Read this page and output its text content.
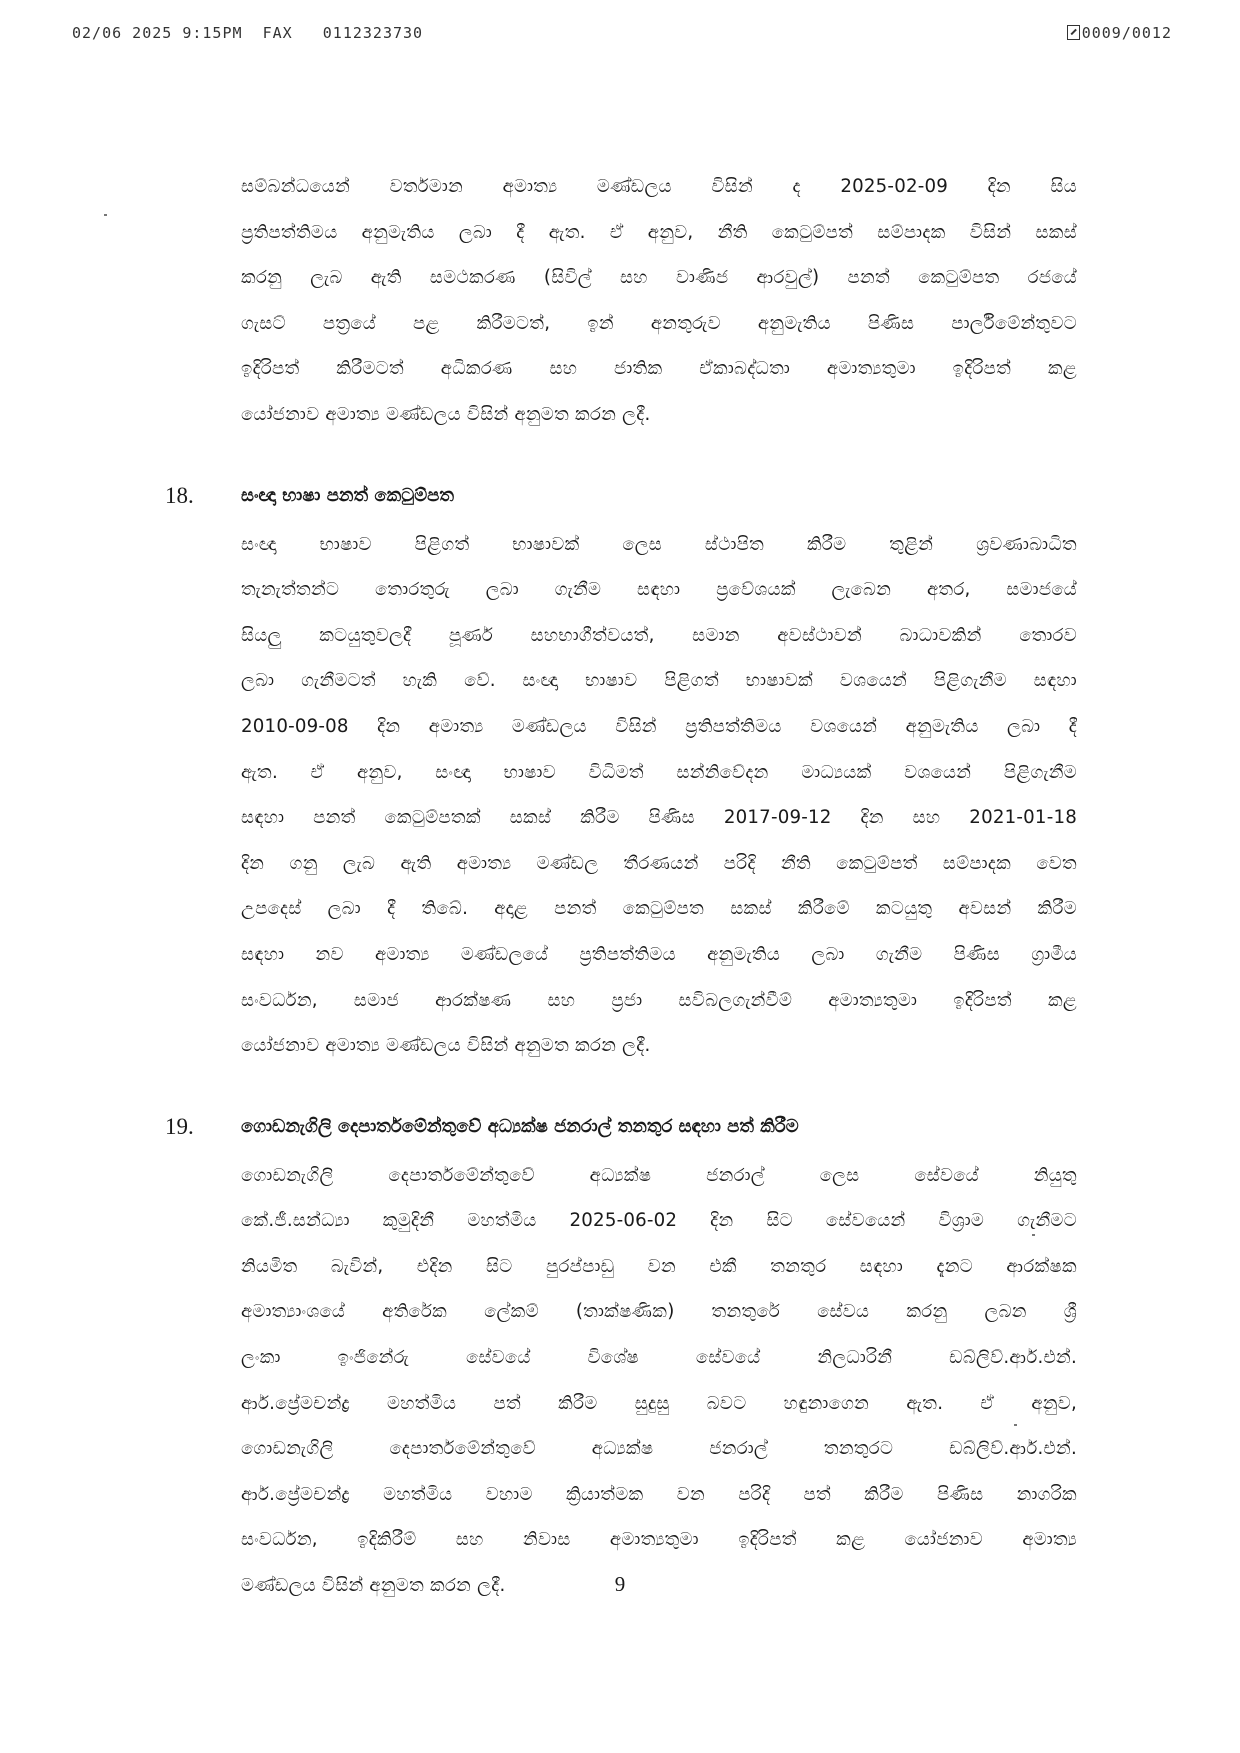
02/06 2025 9:15PM FAX 0112323730	0009/0012
සම්බන්ධයෙන් වර්තමාන අමාත්‍ය මණ්ඩලය විසින් ද 2025-02-09 දින සිය
ප්‍රතිපත්තිමය අනුමැතිය ලබා දී ඇත. ඒ අනුව, නීති කෙටුම්පත් සම්පාදක විසින් සකස්
කරනු ලැබ ඇති සමථකරණ (සිවිල් සහ වාණිජ ආරවුල්) පනත් කෙටුම්පත රජයේ
ගැසට් පත්‍රයේ පළ කිරීමටත්, ඉන් අනතුරුව අනුමැතිය පිණිස පාර්ලිමේන්තුවට
ඉදිරිපත් කිරීමටත් අධිකරණ සහ ජාතික ඒකාබද්ධතා අමාත්‍යතුමා ඉදිරිපත් කළ
යෝජනාව අමාත්‍ය මණ්ඩලය විසින් අනුමත කරන ලදී.
18.	සංඥා භාෂා පනත් කෙටුම්පත
සංඥා භාෂාව පිළිගත් භාෂාවක් ලෙස ස්ථාපිත කිරීම තුළින් ශ්‍රවණාබාධිත
තැනැත්තන්ට තොරතුරු ලබා ගැනීම සඳහා ප්‍රවේශයක් ලැබෙන අතර, සමාජයේ
සියලු කටයුතුවලදී පූර්ණ සහභාගීත්වයත්, සමාන අවස්ථාවන් බාධාවකින් තොරව
ලබා ගැනීමටත් හැකි වේ. සංඥා භාෂාව පිළිගත් භාෂාවක් වශයෙන් පිළිගැනීම සඳහා
2010-09-08 දින අමාත්‍ය මණ්ඩලය විසින් ප්‍රතිපත්තිමය වශයෙන් අනුමැතිය ලබා දී
ඇත. ඒ අනුව, සංඥා භාෂාව විධිමත් සන්නිවේදන මාධ්‍යයක් වශයෙන් පිළිගැනීම
සඳහා පනත් කෙටුම්පතක් සකස් කිරීම පිණිස 2017-09-12 දින සහ 2021-01-18
දින ගනු ලැබ ඇති අමාත්‍ය මණ්ඩල තීරණයන් පරිදි නීති කෙටුම්පත් සම්පාදක වෙත
උපදෙස් ලබා දී තිබේ. අදාළ පනත් කෙටුම්පත සකස් කිරීමේ කටයුතු අවසන් කිරීම
සඳහා නව අමාත්‍ය මණ්ඩලයේ ප්‍රතිපත්තිමය අනුමැතිය ලබා ගැනීම පිණිස ග්‍රාමීය
සංවර්ධන, සමාජ ආරක්ෂණ සහ ප්‍රජා සවිබලගැන්වීම් අමාත්‍යතුමා ඉදිරිපත් කළ
යෝජනාව අමාත්‍ය මණ්ඩලය විසින් අනුමත කරන ලදී.
19.	ගොඩනැගිලි දෙපාර්තමේන්තුවේ අධ්‍යක්ෂ ජනරාල් තනතුර සඳහා පත් කිරීම
ගොඩනැගිලි දෙපාර්තමේන්තුවේ අධ්‍යක්ෂ ජනරාල් ලෙස සේවයේ නියුතු
කේ.ජී.සන්ධ්‍යා කුමුදිනී මහත්මිය 2025-06-02 දින සිට සේවයෙන් විශ්‍රාම ගැනීමට
නියමිත බැවින්, එදින සිට පුරප්පාඩු වන එකී තනතුර සඳහා දැනට ආරක්ෂක
අමාත්‍යාංශයේ අතිරේක ලේකම් (තාක්ෂණික) තනතුරේ සේවය කරනු ලබන ශ්‍රී
ලංකා ඉංජිනේරු සේවයේ විශේෂ සේවයේ නිලධාරිනී ඩබ්ලිව්.ආර්.එන්.
ආර්.ප්‍රේමචන්ද්‍ර මහත්මිය පත් කිරීම සුදුසු බවට හඳුනාගෙන ඇත. ඒ අනුව,
ගොඩනැගිලි දෙපාර්තමේන්තුවේ අධ්‍යක්ෂ ජනරාල් තනතුරට ඩබ්ලිව්.ආර්.එන්.
ආර්.ප්‍රේමචන්ද්‍ර මහත්මිය වහාම ක්‍රියාත්මක වන පරිදි පත් කිරීම පිණිස නාගරික
සංවර්ධන, ඉදිකිරීම් සහ නිවාස අමාත්‍යතුමා ඉදිරිපත් කළ යෝජනාව අමාත්‍ය
මණ්ඩලය විසින් අනුමත කරන ලදී.	9
